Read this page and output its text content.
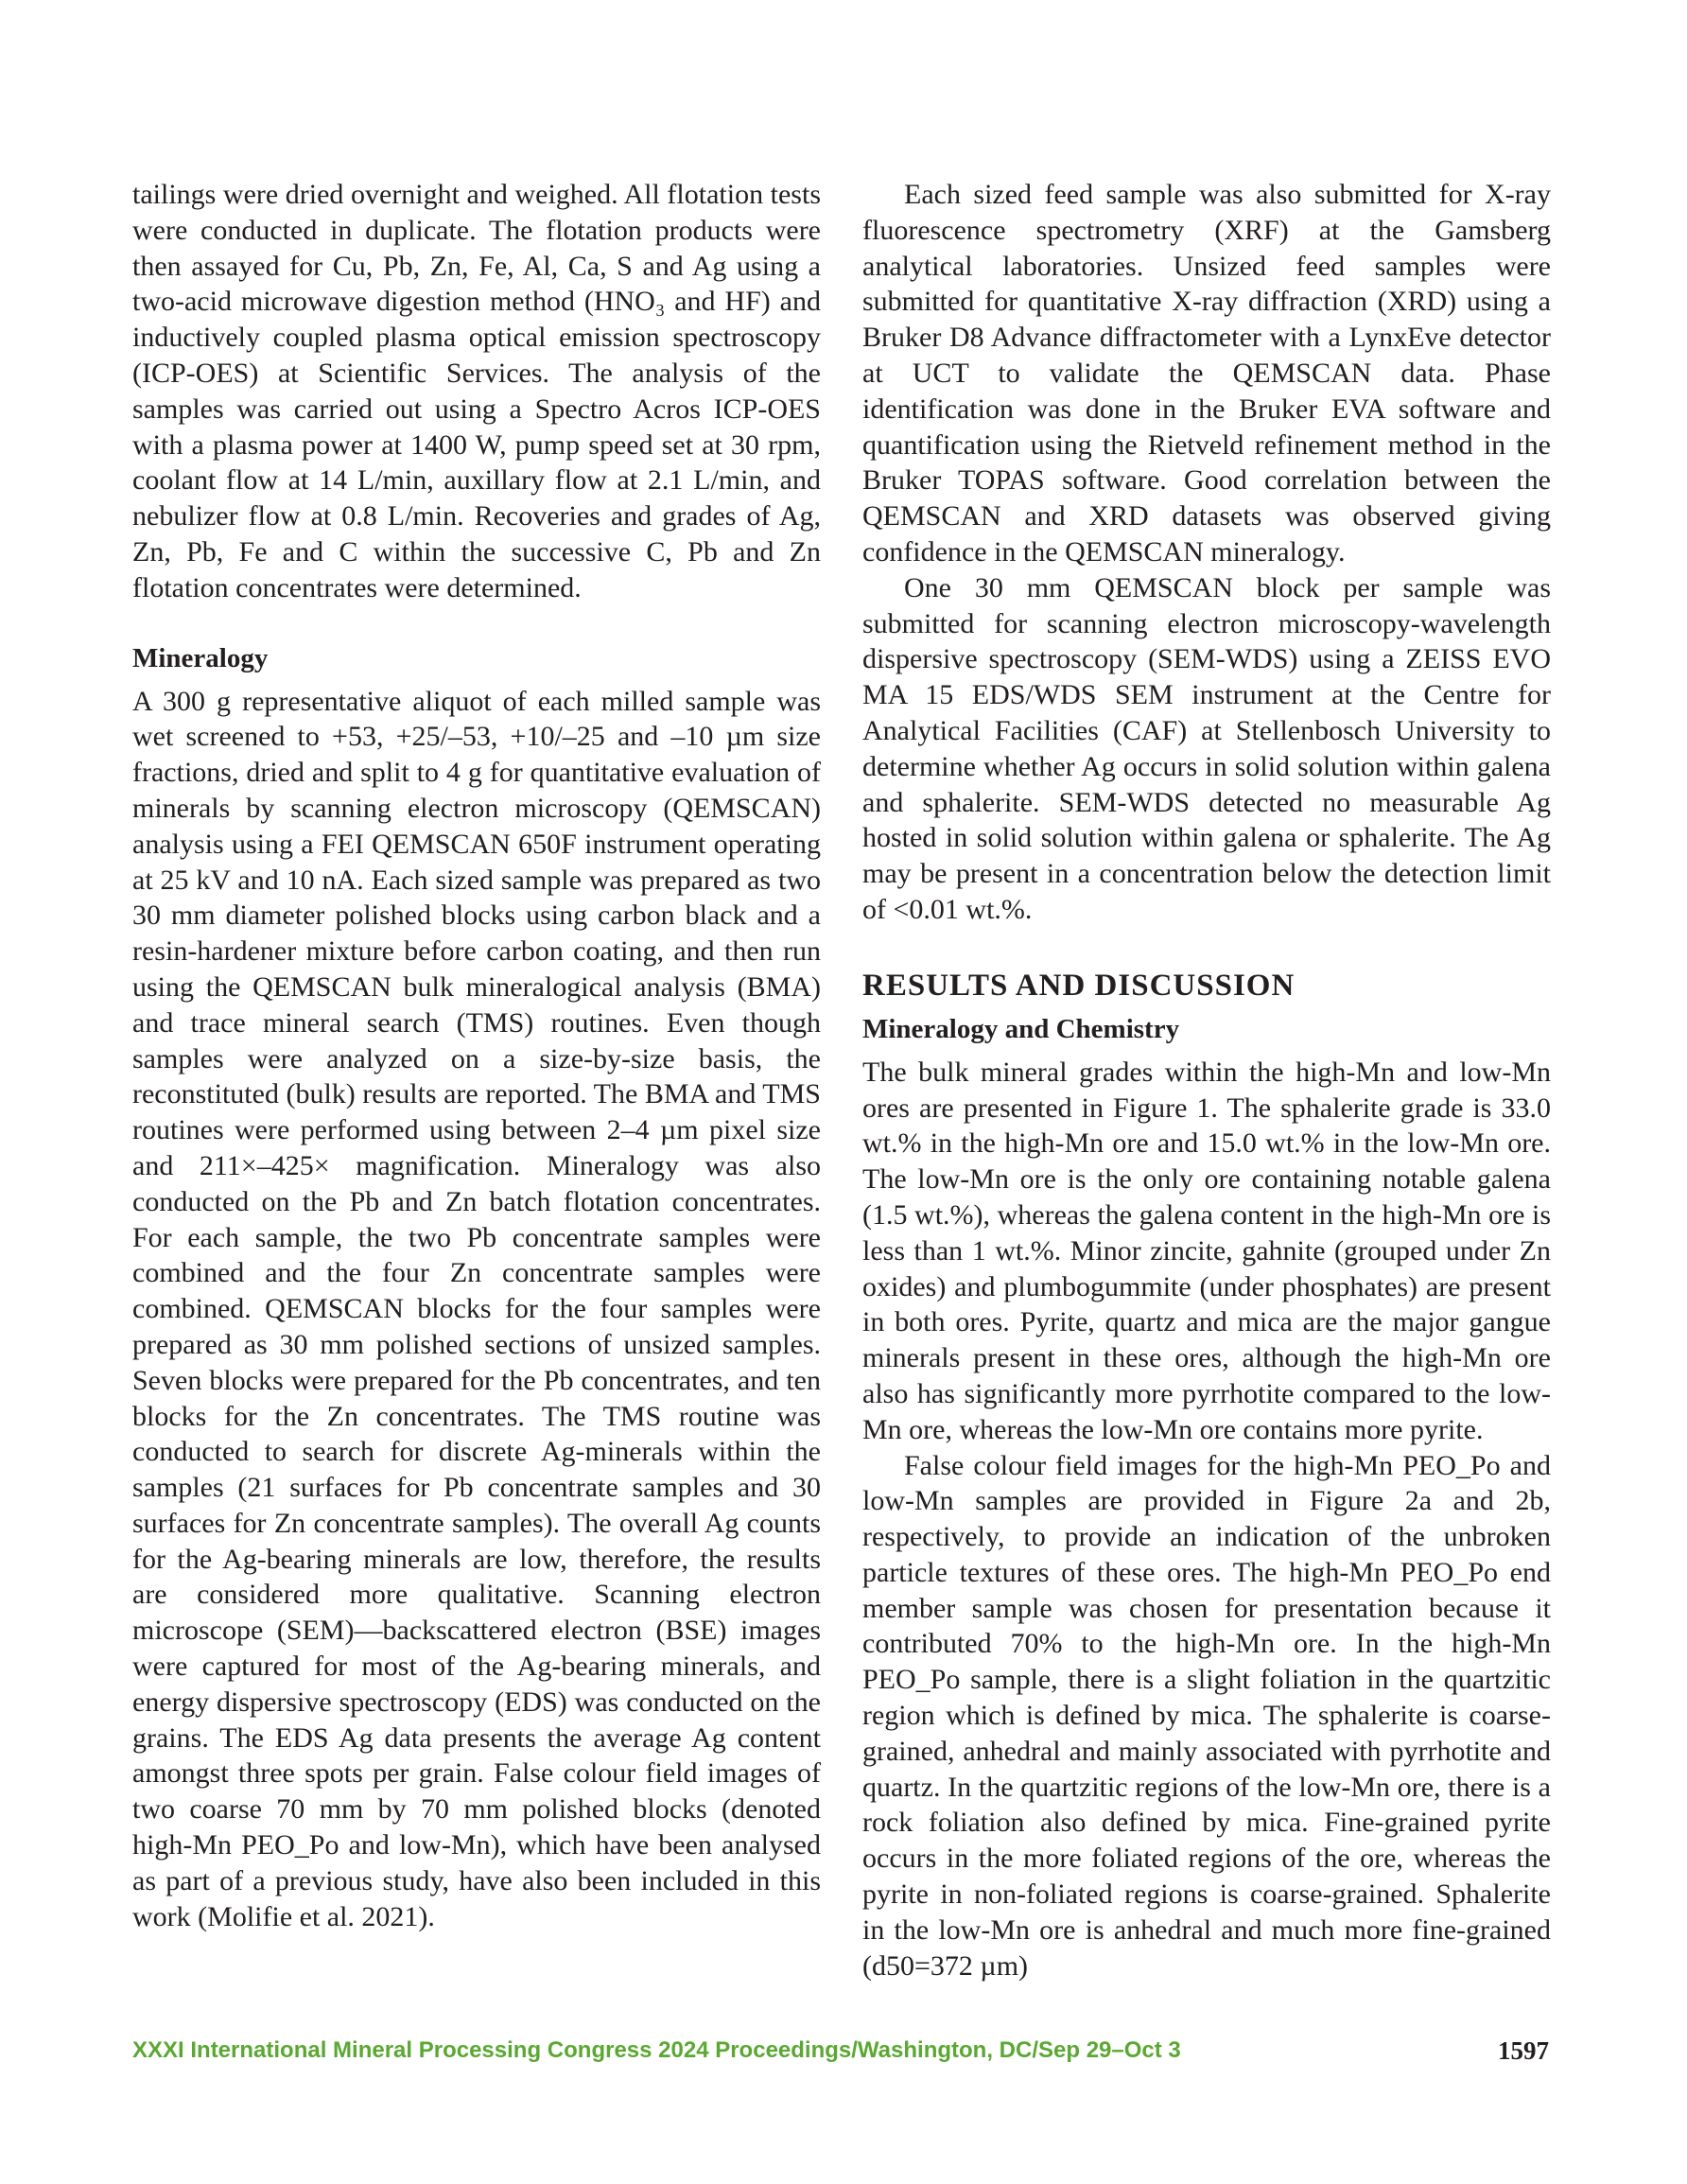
tailings were dried overnight and weighed. All flotation tests were conducted in duplicate. The flotation products were then assayed for Cu, Pb, Zn, Fe, Al, Ca, S and Ag using a two-acid microwave digestion method (HNO₃ and HF) and inductively coupled plasma optical emission spectroscopy (ICP-OES) at Scientific Services. The analysis of the samples was carried out using a Spectro Acros ICP-OES with a plasma power at 1400 W, pump speed set at 30 rpm, coolant flow at 14 L/min, auxillary flow at 2.1 L/min, and nebulizer flow at 0.8 L/min. Recoveries and grades of Ag, Zn, Pb, Fe and C within the successive C, Pb and Zn flotation concentrates were determined.

Mineralogy

A 300 g representative aliquot of each milled sample was wet screened to +53, +25/–53, +10/–25 and –10 µm size fractions, dried and split to 4 g for quantitative evaluation of minerals by scanning electron microscopy (QEMSCAN) analysis using a FEI QEMSCAN 650F instrument operating at 25 kV and 10 nA. Each sized sample was prepared as two 30 mm diameter polished blocks using carbon black and a resin-hardener mixture before carbon coating, and then run using the QEMSCAN bulk mineralogical analysis (BMA) and trace mineral search (TMS) routines. Even though samples were analyzed on a size-by-size basis, the reconstituted (bulk) results are reported. The BMA and TMS routines were performed using between 2–4 µm pixel size and 211×–425× magnification. Mineralogy was also conducted on the Pb and Zn batch flotation concentrates. For each sample, the two Pb concentrate samples were combined and the four Zn concentrate samples were combined. QEMSCAN blocks for the four samples were prepared as 30 mm polished sections of unsized samples. Seven blocks were prepared for the Pb concentrates, and ten blocks for the Zn concentrates. The TMS routine was conducted to search for discrete Ag-minerals within the samples (21 surfaces for Pb concentrate samples and 30 surfaces for Zn concentrate samples). The overall Ag counts for the Ag-bearing minerals are low, therefore, the results are considered more qualitative. Scanning electron microscope (SEM)—backscattered electron (BSE) images were captured for most of the Ag-bearing minerals, and energy dispersive spectroscopy (EDS) was conducted on the grains. The EDS Ag data presents the average Ag content amongst three spots per grain. False colour field images of two coarse 70 mm by 70 mm polished blocks (denoted high-Mn PEO_Po and low-Mn), which have been analysed as part of a previous study, have also been included in this work (Molifie et al. 2021).

Each sized feed sample was also submitted for X-ray fluorescence spectrometry (XRF) at the Gamsberg analytical laboratories. Unsized feed samples were submitted for quantitative X-ray diffraction (XRD) using a Bruker D8 Advance diffractometer with a LynxEve detector at UCT to validate the QEMSCAN data. Phase identification was done in the Bruker EVA software and quantification using the Rietveld refinement method in the Bruker TOPAS software. Good correlation between the QEMSCAN and XRD datasets was observed giving confidence in the QEMSCAN mineralogy.

One 30 mm QEMSCAN block per sample was submitted for scanning electron microscopy-wavelength dispersive spectroscopy (SEM-WDS) using a ZEISS EVO MA 15 EDS/WDS SEM instrument at the Centre for Analytical Facilities (CAF) at Stellenbosch University to determine whether Ag occurs in solid solution within galena and sphalerite. SEM-WDS detected no measurable Ag hosted in solid solution within galena or sphalerite. The Ag may be present in a concentration below the detection limit of <0.01 wt.%.

RESULTS AND DISCUSSION
Mineralogy and Chemistry

The bulk mineral grades within the high-Mn and low-Mn ores are presented in Figure 1. The sphalerite grade is 33.0 wt.% in the high-Mn ore and 15.0 wt.% in the low-Mn ore. The low-Mn ore is the only ore containing notable galena (1.5 wt.%), whereas the galena content in the high-Mn ore is less than 1 wt.%. Minor zincite, gahnite (grouped under Zn oxides) and plumbogummite (under phosphates) are present in both ores. Pyrite, quartz and mica are the major gangue minerals present in these ores, although the high-Mn ore also has significantly more pyrrhotite compared to the low-Mn ore, whereas the low-Mn ore contains more pyrite.

False colour field images for the high-Mn PEO_Po and low-Mn samples are provided in Figure 2a and 2b, respectively, to provide an indication of the unbroken particle textures of these ores. The high-Mn PEO_Po end member sample was chosen for presentation because it contributed 70% to the high-Mn ore. In the high-Mn PEO_Po sample, there is a slight foliation in the quartzitic region which is defined by mica. The sphalerite is coarse-grained, anhedral and mainly associated with pyrrhotite and quartz. In the quartzitic regions of the low-Mn ore, there is a rock foliation also defined by mica. Fine-grained pyrite occurs in the more foliated regions of the ore, whereas the pyrite in non-foliated regions is coarse-grained. Sphalerite in the low-Mn ore is anhedral and much more fine-grained (d50=372 µm)

XXXI International Mineral Processing Congress 2024 Proceedings/Washington, DC/Sep 29–Oct 3	1597
